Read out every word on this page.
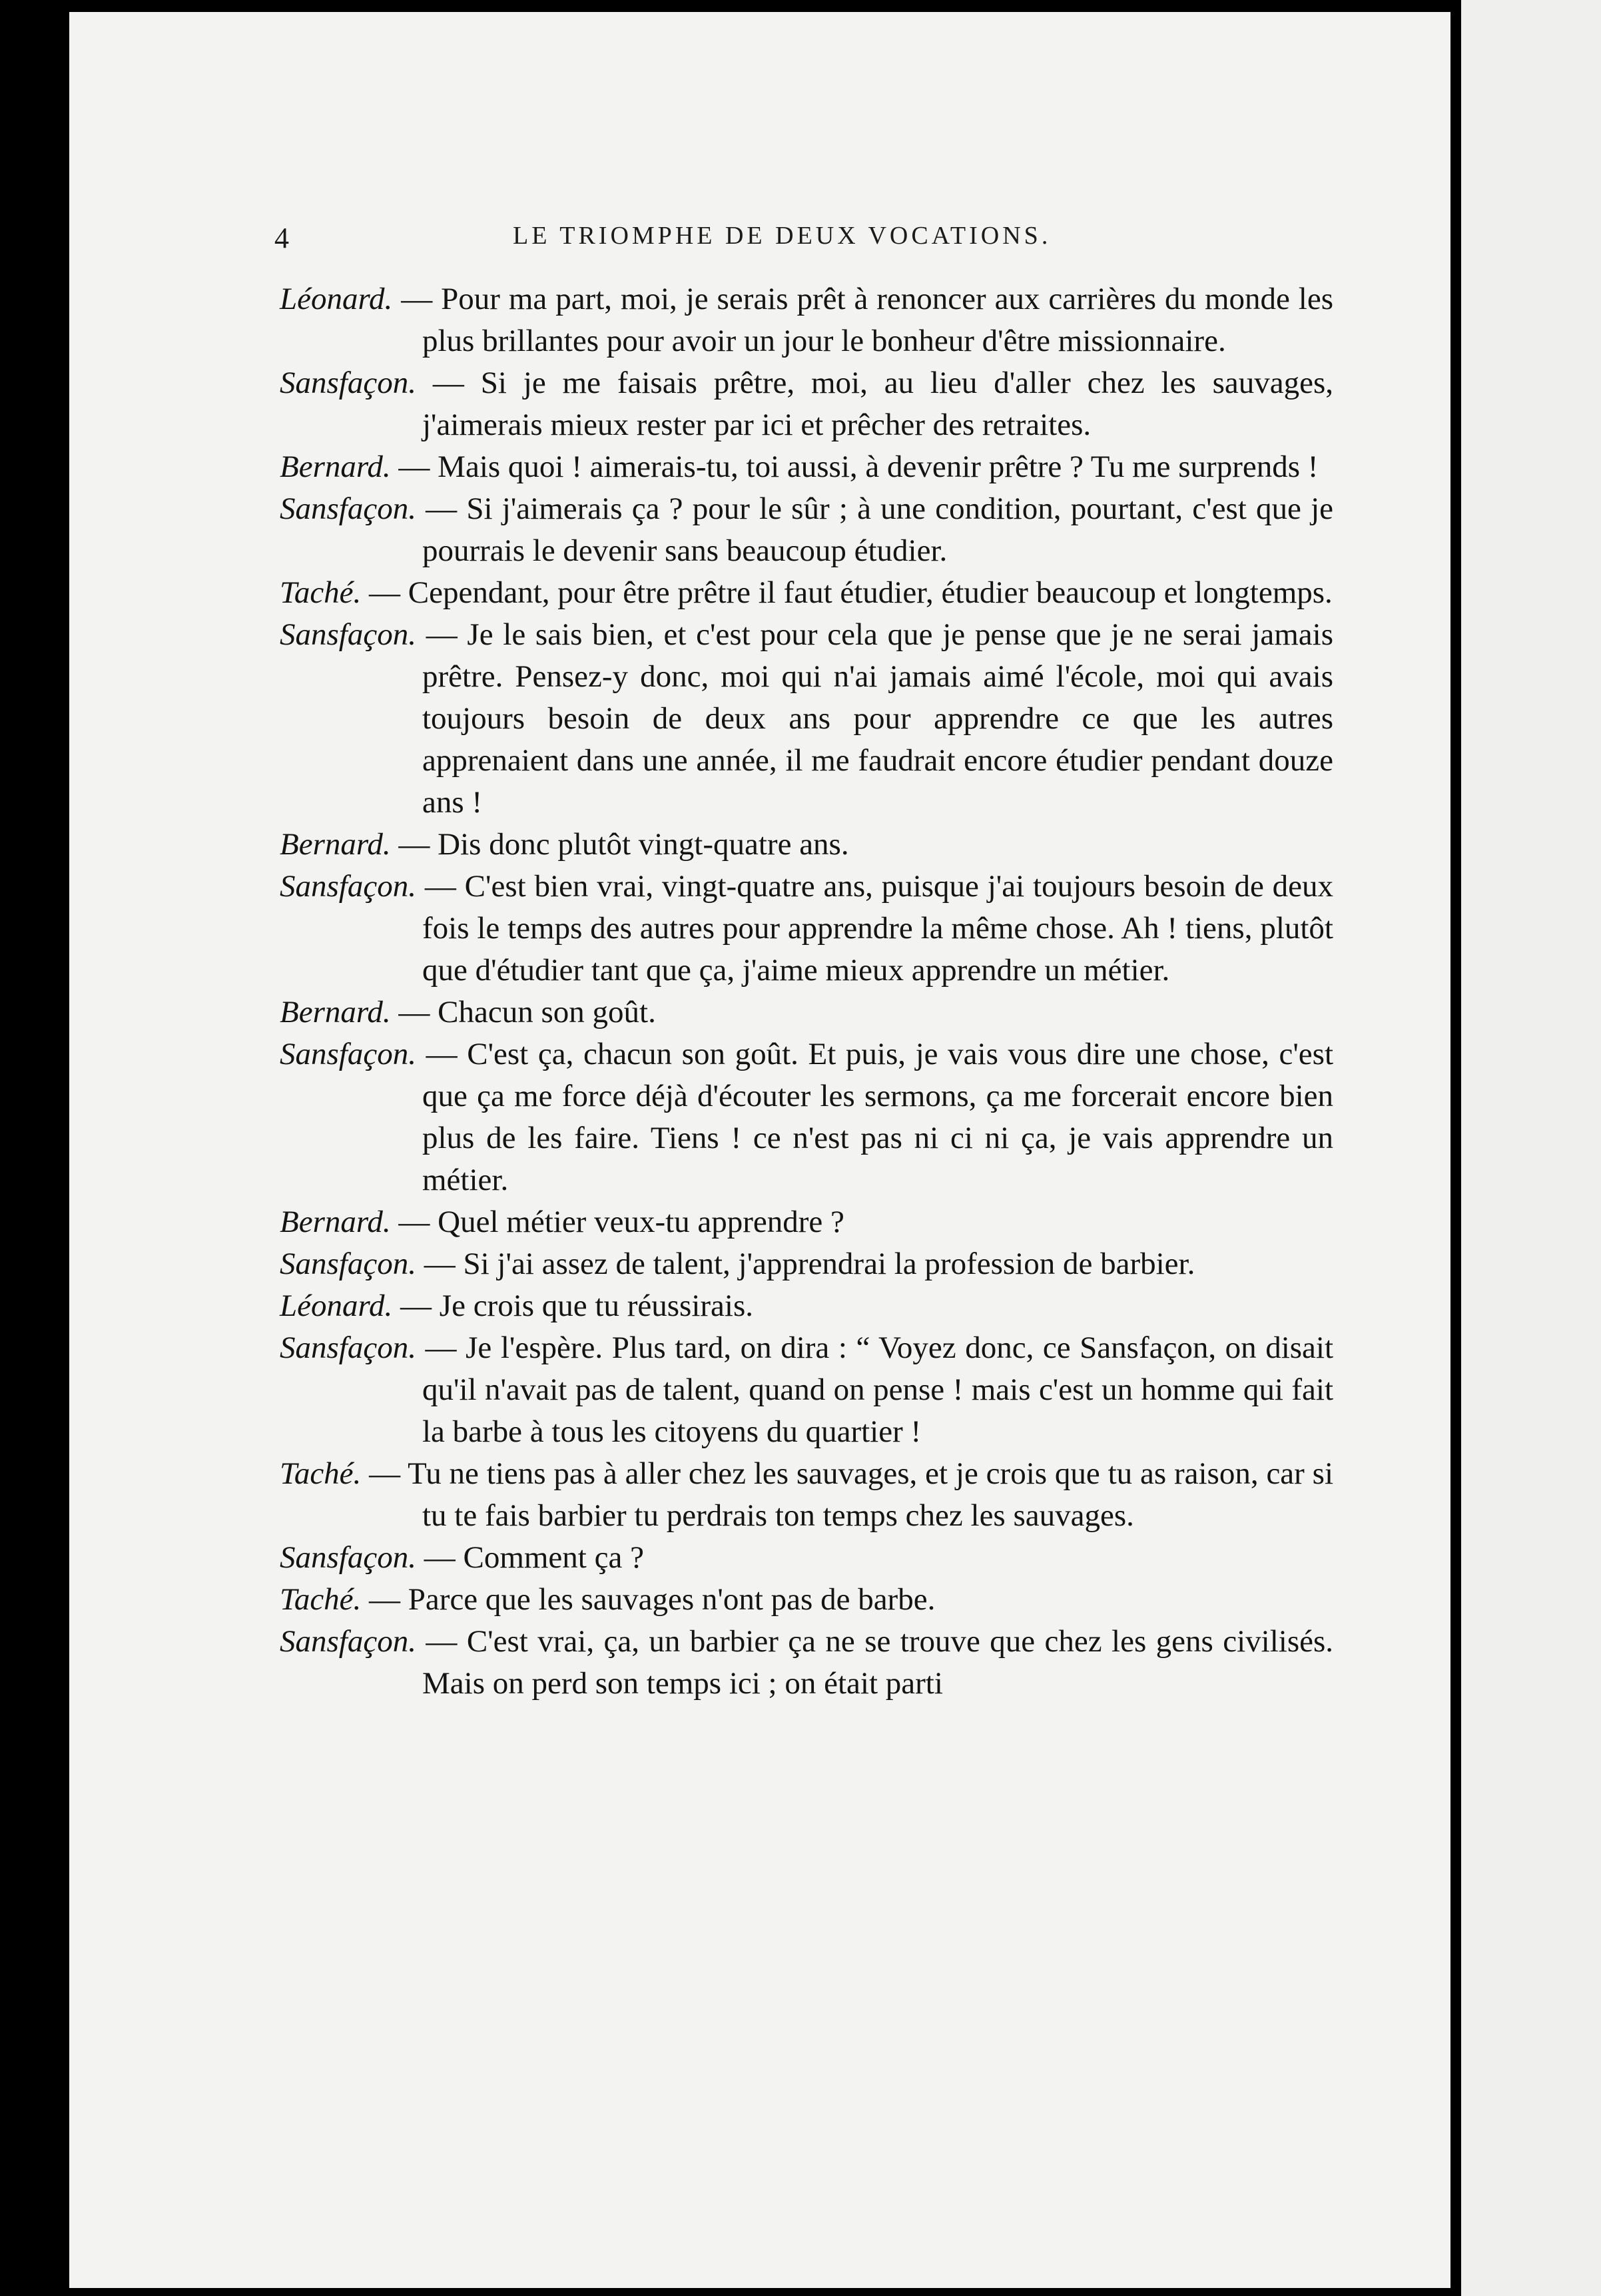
4	LE TRIOMPHE DE DEUX VOCATIONS.

Léonard. — Pour ma part, moi, je serais prêt à renoncer aux carrières du monde les plus brillantes pour avoir un jour le bonheur d'être missionnaire.

Sansfaçon. — Si je me faisais prêtre, moi, au lieu d'aller chez les sauvages, j'aimerais mieux rester par ici et prêcher des retraites.

Bernard. — Mais quoi ! aimerais-tu, toi aussi, à devenir prêtre ? Tu me surprends !

Sansfaçon. — Si j'aimerais ça ? pour le sûr ; à une condition, pourtant, c'est que je pourrais le devenir sans beaucoup étudier.

Taché. — Cependant, pour être prêtre il faut étudier, étudier beaucoup et longtemps.

Sansfaçon. — Je le sais bien, et c'est pour cela que je pense que je ne serai jamais prêtre. Pensez-y donc, moi qui n'ai jamais aimé l'école, moi qui avais toujours besoin de deux ans pour apprendre ce que les autres apprenaient dans une année, il me faudrait encore étudier pendant douze ans !

Bernard. — Dis donc plutôt vingt-quatre ans.

Sansfaçon. — C'est bien vrai, vingt-quatre ans, puisque j'ai toujours besoin de deux fois le temps des autres pour apprendre la même chose. Ah ! tiens, plutôt que d'étudier tant que ça, j'aime mieux apprendre un métier.

Bernard. — Chacun son goût.

Sansfaçon. — C'est ça, chacun son goût. Et puis, je vais vous dire une chose, c'est que ça me force déjà d'écouter les sermons, ça me forcerait encore bien plus de les faire. Tiens ! ce n'est pas ni ci ni ça, je vais apprendre un métier.

Bernard. — Quel métier veux-tu apprendre ?

Sansfaçon. — Si j'ai assez de talent, j'apprendrai la profession de barbier.

Léonard. — Je crois que tu réussirais.

Sansfaçon. — Je l'espère. Plus tard, on dira : “ Voyez donc, ce Sansfaçon, on disait qu'il n'avait pas de talent, quand on pense ! mais c'est un homme qui fait la barbe à tous les citoyens du quartier !

Taché. — Tu ne tiens pas à aller chez les sauvages, et je crois que tu as raison, car si tu te fais barbier tu perdrais ton temps chez les sauvages.

Sansfaçon. — Comment ça ?

Taché. — Parce que les sauvages n'ont pas de barbe.

Sansfaçon. — C'est vrai, ça, un barbier ça ne se trouve que chez les gens civilisés. Mais on perd son temps ici ; on était parti
